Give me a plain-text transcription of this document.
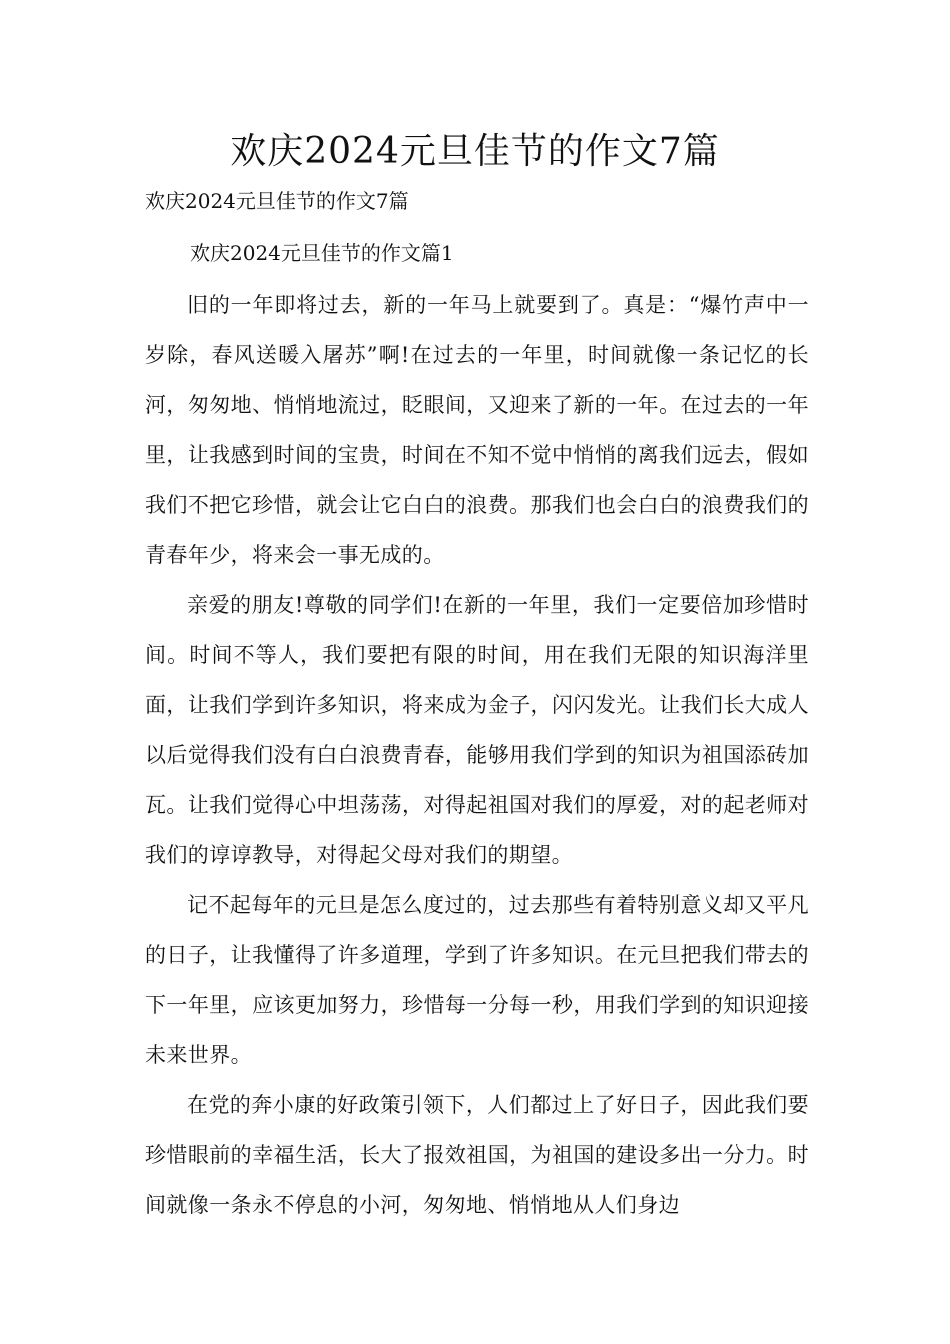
欢庆2024元旦佳节的作文7篇
欢庆2024元旦佳节的作文7篇
欢庆2024元旦佳节的作文篇1

旧的一年即将过去，新的一年马上就要到了。真是：“爆竹声中一岁除，春风送暖入屠苏”啊!在过去的一年里，时间就像一条记忆的长河，匆匆地、悄悄地流过，眨眼间，又迎来了新的一年。在过去的一年里，让我感到时间的宝贵，时间在不知不觉中悄悄的离我们远去，假如我们不把它珍惜，就会让它白白的浪费。那我们也会白白的浪费我们的青春年少，将来会一事无成的。

亲爱的朋友!尊敬的同学们!在新的一年里，我们一定要倍加珍惜时间。时间不等人，我们要把有限的时间，用在我们无限的知识海洋里面，让我们学到许多知识，将来成为金子，闪闪发光。让我们长大成人以后觉得我们没有白白浪费青春，能够用我们学到的知识为祖国添砖加瓦。让我们觉得心中坦荡荡，对得起祖国对我们的厚爱，对的起老师对我们的谆谆教导，对得起父母对我们的期望。

记不起每年的元旦是怎么度过的，过去那些有着特别意义却又平凡的日子，让我懂得了许多道理，学到了许多知识。在元旦把我们带去的下一年里，应该更加努力，珍惜每一分每一秒，用我们学到的知识迎接未来世界。

在党的奔小康的好政策引领下，人们都过上了好日子，因此我们要珍惜眼前的幸福生活，长大了报效祖国，为祖国的建设多出一分力。时间就像一条永不停息的小河，匆匆地、悄悄地从人们身边
